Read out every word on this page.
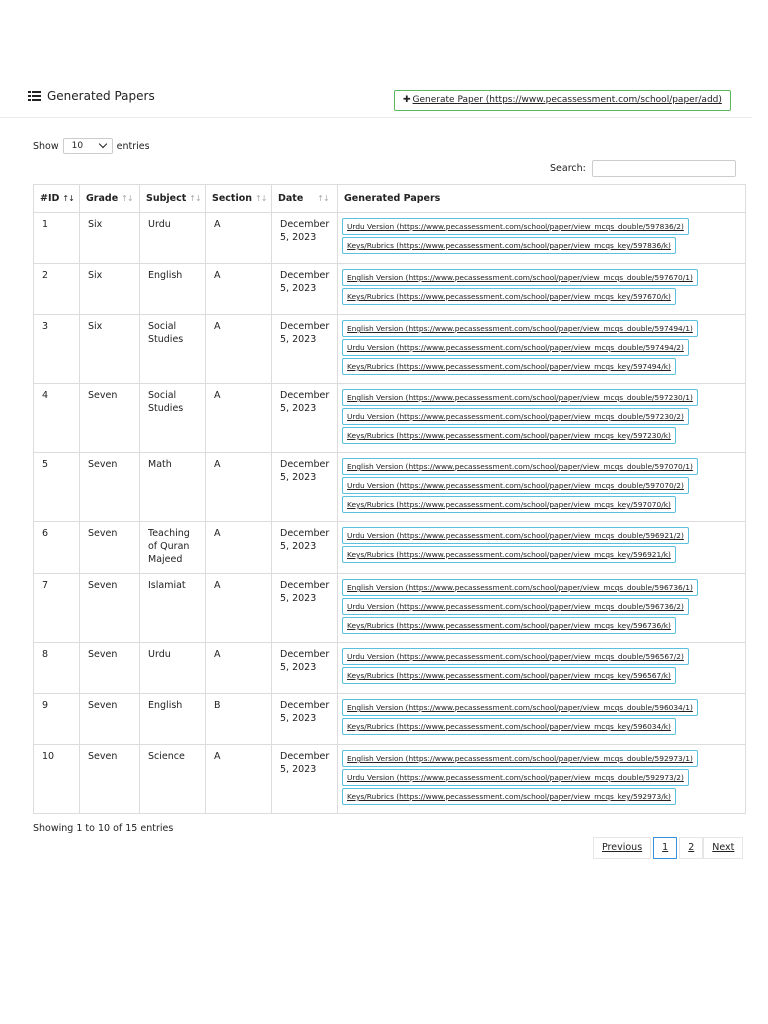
Generated Papers	✚ Generate Paper (https://www.pecassessment.com/school/paper/add)
Show	10	entries
Search:
#ID ↑↓	Grade ↑↓	Subject ↑↓	Section ↑↓	Date ↑↓	Generated Papers
1	Six	Urdu	A	December 5, 2023	Urdu Version (https://www.pecassessment.com/school/paper/view_mcqs_double/597836/2)
Keys/Rubrics (https://www.pecassessment.com/school/paper/view_mcqs_key/597836/k)

2	Six	English	A	December 5, 2023	English Version (https://www.pecassessment.com/school/paper/view_mcqs_double/597670/1)
Keys/Rubrics (https://www.pecassessment.com/school/paper/view_mcqs_key/597670/k)

3	Six	Social Studies	A	December 5, 2023	English Version (https://www.pecassessment.com/school/paper/view_mcqs_double/597494/1)
Urdu Version (https://www.pecassessment.com/school/paper/view_mcqs_double/597494/2)
Keys/Rubrics (https://www.pecassessment.com/school/paper/view_mcqs_key/597494/k)

4	Seven	Social Studies	A	December 5, 2023	English Version (https://www.pecassessment.com/school/paper/view_mcqs_double/597230/1)
Urdu Version (https://www.pecassessment.com/school/paper/view_mcqs_double/597230/2)
Keys/Rubrics (https://www.pecassessment.com/school/paper/view_mcqs_key/597230/k)

5	Seven	Math	A	December 5, 2023	English Version (https://www.pecassessment.com/school/paper/view_mcqs_double/597070/1)
Urdu Version (https://www.pecassessment.com/school/paper/view_mcqs_double/597070/2)
Keys/Rubrics (https://www.pecassessment.com/school/paper/view_mcqs_key/597070/k)

6	Seven	Teaching of Quran Majeed	A	December 5, 2023	Urdu Version (https://www.pecassessment.com/school/paper/view_mcqs_double/596921/2)
Keys/Rubrics (https://www.pecassessment.com/school/paper/view_mcqs_key/596921/k)

7	Seven	Islamiat	A	December 5, 2023	English Version (https://www.pecassessment.com/school/paper/view_mcqs_double/596736/1)
Urdu Version (https://www.pecassessment.com/school/paper/view_mcqs_double/596736/2)
Keys/Rubrics (https://www.pecassessment.com/school/paper/view_mcqs_key/596736/k)

8	Seven	Urdu	A	December 5, 2023	Urdu Version (https://www.pecassessment.com/school/paper/view_mcqs_double/596567/2)
Keys/Rubrics (https://www.pecassessment.com/school/paper/view_mcqs_key/596567/k)

9	Seven	English	B	December 5, 2023	English Version (https://www.pecassessment.com/school/paper/view_mcqs_double/596034/1)
Keys/Rubrics (https://www.pecassessment.com/school/paper/view_mcqs_key/596034/k)

10	Seven	Science	A	December 5, 2023	English Version (https://www.pecassessment.com/school/paper/view_mcqs_double/592973/1)
Urdu Version (https://www.pecassessment.com/school/paper/view_mcqs_double/592973/2)
Keys/Rubrics (https://www.pecassessment.com/school/paper/view_mcqs_key/592973/k)
Showing 1 to 10 of 15 entries
Previous	1	2	Next
